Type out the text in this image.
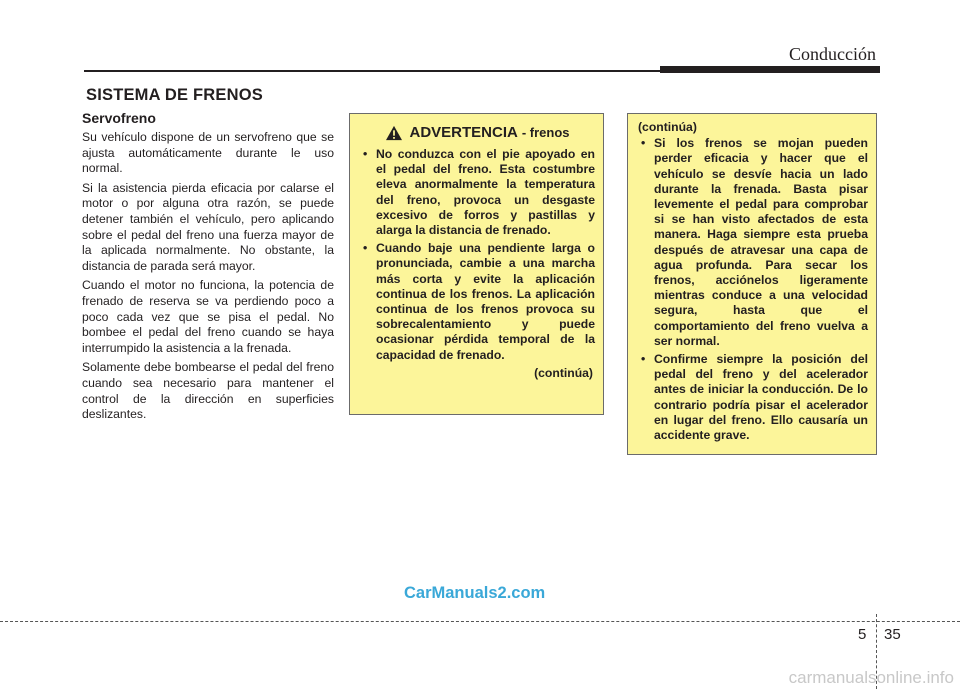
Conducción
SISTEMA DE FRENOS
Servofreno

Su vehículo dispone de un servofreno que se ajusta automáticamente durante le uso normal.

Si la asistencia pierda eficacia por calarse el motor o por alguna otra razón, se puede detener también el vehículo, pero aplicando sobre el pedal del freno una fuerza mayor de la aplicada normalmente. No obstante, la distancia de parada será mayor.

Cuando el motor no funciona, la potencia de frenado de reserva se va perdiendo poco a poco cada vez que se pisa el pedal. No bombee el pedal del freno cuando se haya interrumpido la asistencia a la frenada.

Solamente debe bombearse el pedal del freno cuando sea necesario para mantener el control de la dirección en superficies deslizantes.

ADVERTENCIA - frenos
• No conduzca con el pie apoyado en el pedal del freno. Esta costumbre eleva anormalmente la temperatura del freno, provoca un desgaste excesivo de forros y pastillas y alarga la distancia de frenado.
• Cuando baje una pendiente larga o pronunciada, cambie a una marcha más corta y evite la aplicación continua de los frenos. La aplicación continua de los frenos provoca su sobrecalentamiento y puede ocasionar pérdida temporal de la capacidad de frenado.
(continúa)
(continúa)
• Si los frenos se mojan pueden perder eficacia y hacer que el vehículo se desvíe hacia un lado durante la frenada. Basta pisar levemente el pedal para comprobar si se han visto afectados de esta manera. Haga siempre esta prueba después de atravesar una capa de agua profunda. Para secar los frenos, acciónelos ligeramente mientras conduce a una velocidad segura, hasta que el comportamiento del freno vuelva a ser normal.
• Confirme siempre la posición del pedal del freno y del acelerador antes de iniciar la conducción. De lo contrario podría pisar el acelerador en lugar del freno. Ello causaría un accidente grave.
CarManuals2.com
5 35
carmanualsonline.info
